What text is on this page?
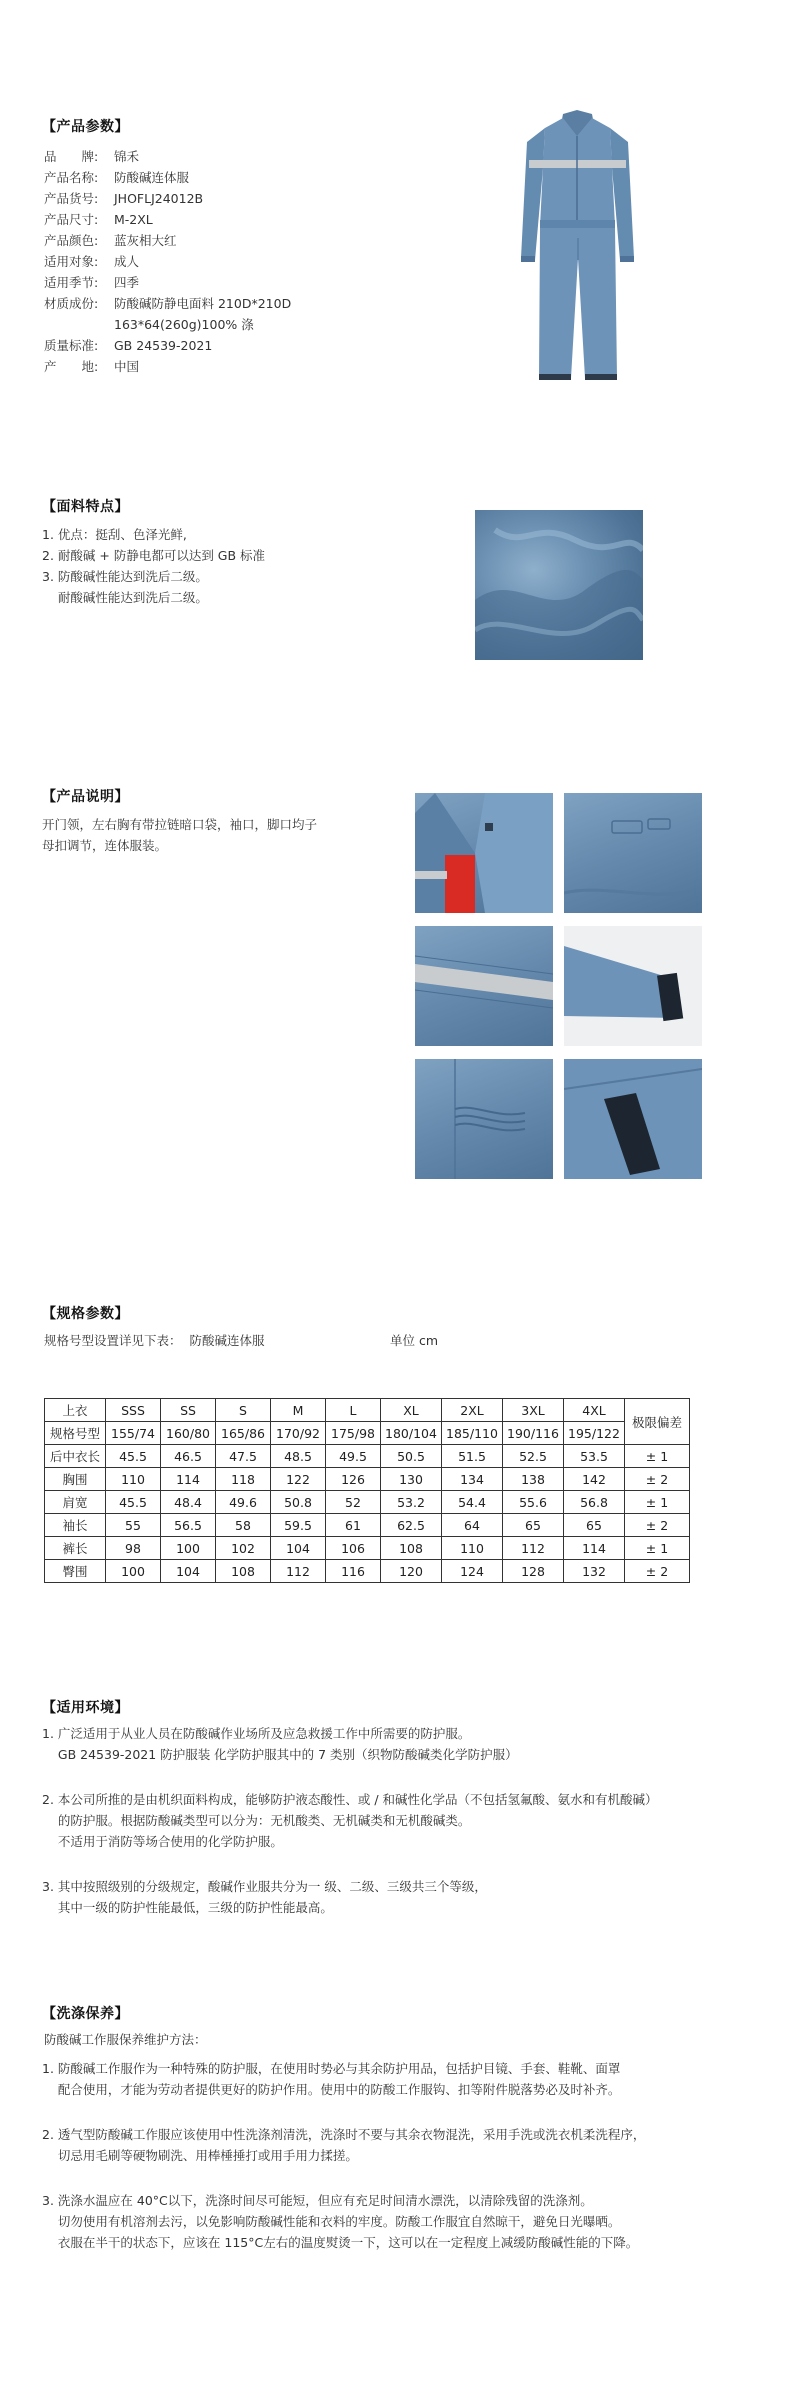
【产品参数】
品　　牌: 锦禾
产品名称: 防酸碱连体服
产品货号: JHOFLJ24012B
产品尺寸: M-2XL
产品颜色: 蓝灰相大红
适用对象: 成人
适用季节: 四季
材质成份: 防酸碱防静电面料 210D*210D
163*64(260g)100% 涤
质量标准: GB 24539-2021
产　　地: 中国
【面料特点】
1. 优点：挺刮、色泽光鲜,
2. 耐酸碱 + 防静电都可以达到 GB 标准
3. 防酸碱性能达到洗后二级。
耐酸碱性能达到洗后二级。
【产品说明】
开门领，左右胸有带拉链暗口袋，袖口，脚口均子
母扣调节，连体服装。
【规格参数】
规格号型设置详见下表：  防酸碱连体服	单位 cm
上衣	SSS	SS	S	M	L	XL	2XL	3XL	4XL	极限偏差
规格号型	155/74	160/80	165/86	170/92	175/98	180/104	185/110	190/116	195/122	
后中衣长	45.5	46.5	47.5	48.5	49.5	50.5	51.5	52.5	53.5	± 1
胸围	110	114	118	122	126	130	134	138	142	± 2
肩宽	45.5	48.4	49.6	50.8	52	53.2	54.4	55.6	56.8	± 1
袖长	55	56.5	58	59.5	61	62.5	64	65	65	± 2
裤长	98	100	102	104	106	108	110	112	114	± 1
臀围	100	104	108	112	116	120	124	128	132	± 2
【适用环境】
1. 广泛适用于从业人员在防酸碱作业场所及应急救援工作中所需要的防护服。
GB 24539-2021 防护服装 化学防护服其中的 7 类别（织物防酸碱类化学防护服）
2. 本公司所推的是由机织面料构成，能够防护液态酸性、或 / 和碱性化学品（不包括氢氟酸、氨水和有机酸碱）
的防护服。根据防酸碱类型可以分为：无机酸类、无机碱类和无机酸碱类。
不适用于消防等场合使用的化学防护服。
3. 其中按照级别的分级规定，酸碱作业服共分为一 级、二级、三级共三个等级，
其中一级的防护性能最低，三级的防护性能最高。
【洗涤保养】
防酸碱工作服保养维护方法：
1. 防酸碱工作服作为一种特殊的防护服，在使用时势必与其余防护用品，包括护目镜、手套、鞋靴、面罩
配合使用，才能为劳动者提供更好的防护作用。使用中的防酸工作服钩、扣等附件脱落势必及时补齐。
2. 透气型防酸碱工作服应该使用中性洗涤剂清洗，洗涤时不要与其余衣物混洗，采用手洗或洗衣机柔洗程序，
切忌用毛刷等硬物刷洗、用棒棰捶打或用手用力揉搓。
3. 洗涤水温应在 40°C以下，洗涤时间尽可能短，但应有充足时间清水漂洗，以清除残留的洗涤剂。
切勿使用有机溶剂去污，以免影响防酸碱性能和衣料的牢度。防酸工作服宜自然晾干，避免日光曝晒。
衣服在半干的状态下，应该在 115°C左右的温度熨烫一下，这可以在一定程度上减缓防酸碱性能的下降。
